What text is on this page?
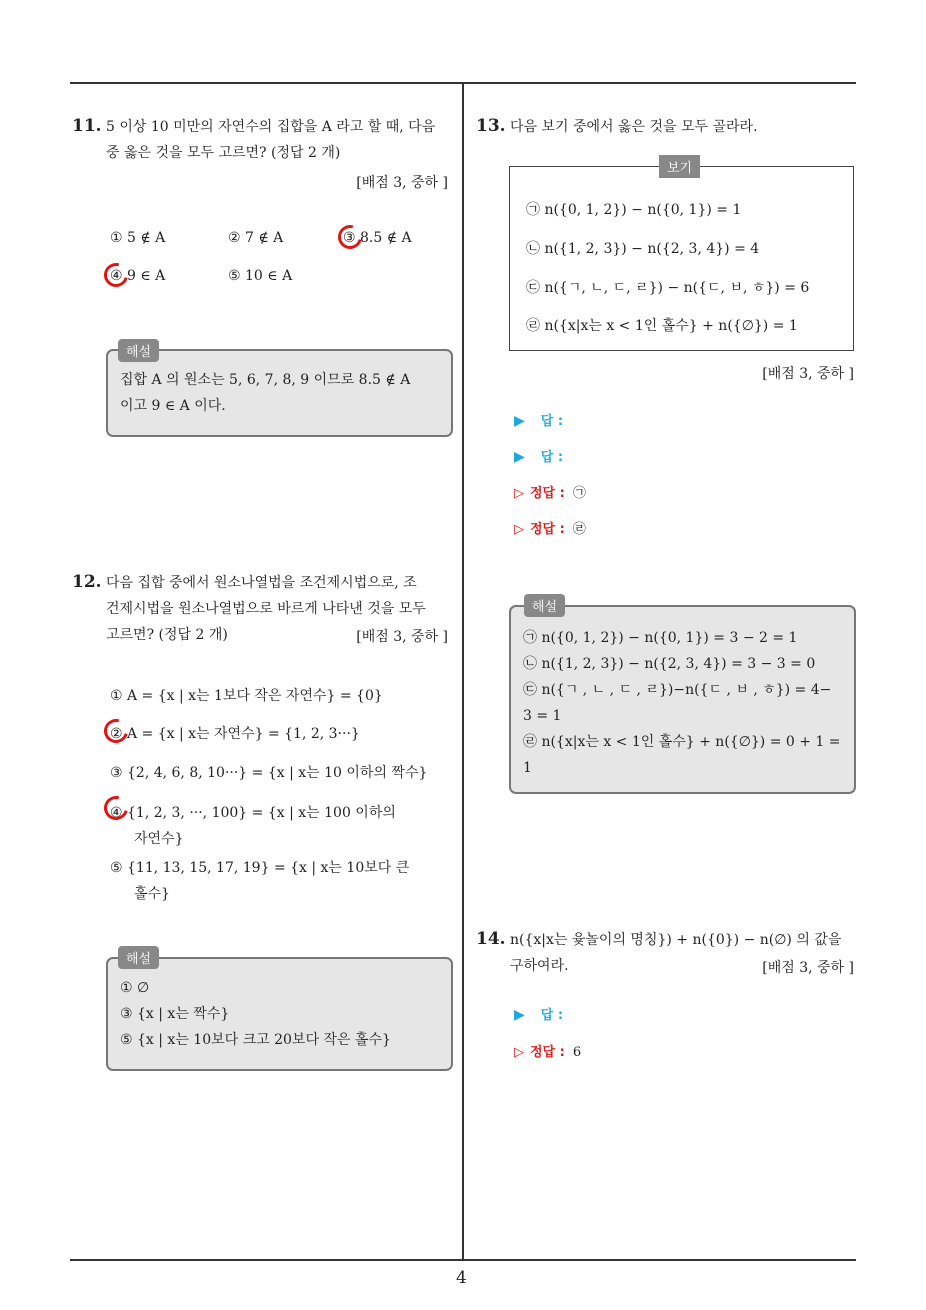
4
11. 5 이상 10 미만의 자연수의 집합을 A 라고 할 때, 다음
중 옳은 것을 모두 고르면? (정답 2 개)
[배점 3, 중하 ]
① 5 ∉ A	② 7 ∉ A	③ 8.5 ∉ A
④ 9 ∈ A	⑤ 10 ∈ A
집합 A 의 원소는 5, 6, 7, 8, 9 이므로 8.5 ∉ A
이고 9 ∈ A 이다.
해설
12. 다음 집합 중에서 원소나열법을 조건제시법으로, 조
건제시법을 원소나열법으로 바르게 나타낸 것을 모두
고르면? (정답 2 개)	[배점 3, 중하 ]
① A = {x | x는 1보다 작은 자연수} = {0}
② A = {x | x는 자연수} = {1, 2, 3···}
③ {2, 4, 6, 8, 10···} = {x | x는 10 이하의 짝수}
④ {1, 2, 3, ···, 100} = {x | x는 100 이하의
자연수}
⑤ {11, 13, 15, 17, 19} = {x | x는 10보다 큰
홀수}
① ∅
③ {x | x는 짝수}
⑤ {x | x는 10보다 크고 20보다 작은 홀수}
해설
13. 다음 보기 중에서 옳은 것을 모두 골라라.
㉠ n({0, 1, 2}) − n({0, 1}) = 1
㉡ n({1, 2, 3}) − n({2, 3, 4}) = 4
㉢ n({ㄱ, ㄴ, ㄷ, ㄹ}) − n({ㄷ, ㅂ, ㅎ}) = 6
㉣ n({x|x는 x < 1인 홀수} + n({∅}) = 1
보기
[배점 3, 중하 ]
▶ 답 :
▶ 답 :
▷ 정답 : ㉠
▷ 정답 : ㉣
㉠ n({0, 1, 2}) − n({0, 1}) = 3 − 2 = 1
㉡ n({1, 2, 3}) − n({2, 3, 4}) = 3 − 3 = 0
㉢ n({ㄱ , ㄴ , ㄷ , ㄹ})−n({ㄷ , ㅂ , ㅎ}) = 4−
3 = 1
㉣ n({x|x는 x < 1인 홀수} + n({∅}) = 0 + 1 =
1
해설
14. n({x|x는 윷놀이의 명칭}) + n({0}) − n(∅) 의 값을
구하여라.	[배점 3, 중하 ]
▶ 답 :
▷ 정답 : 6
